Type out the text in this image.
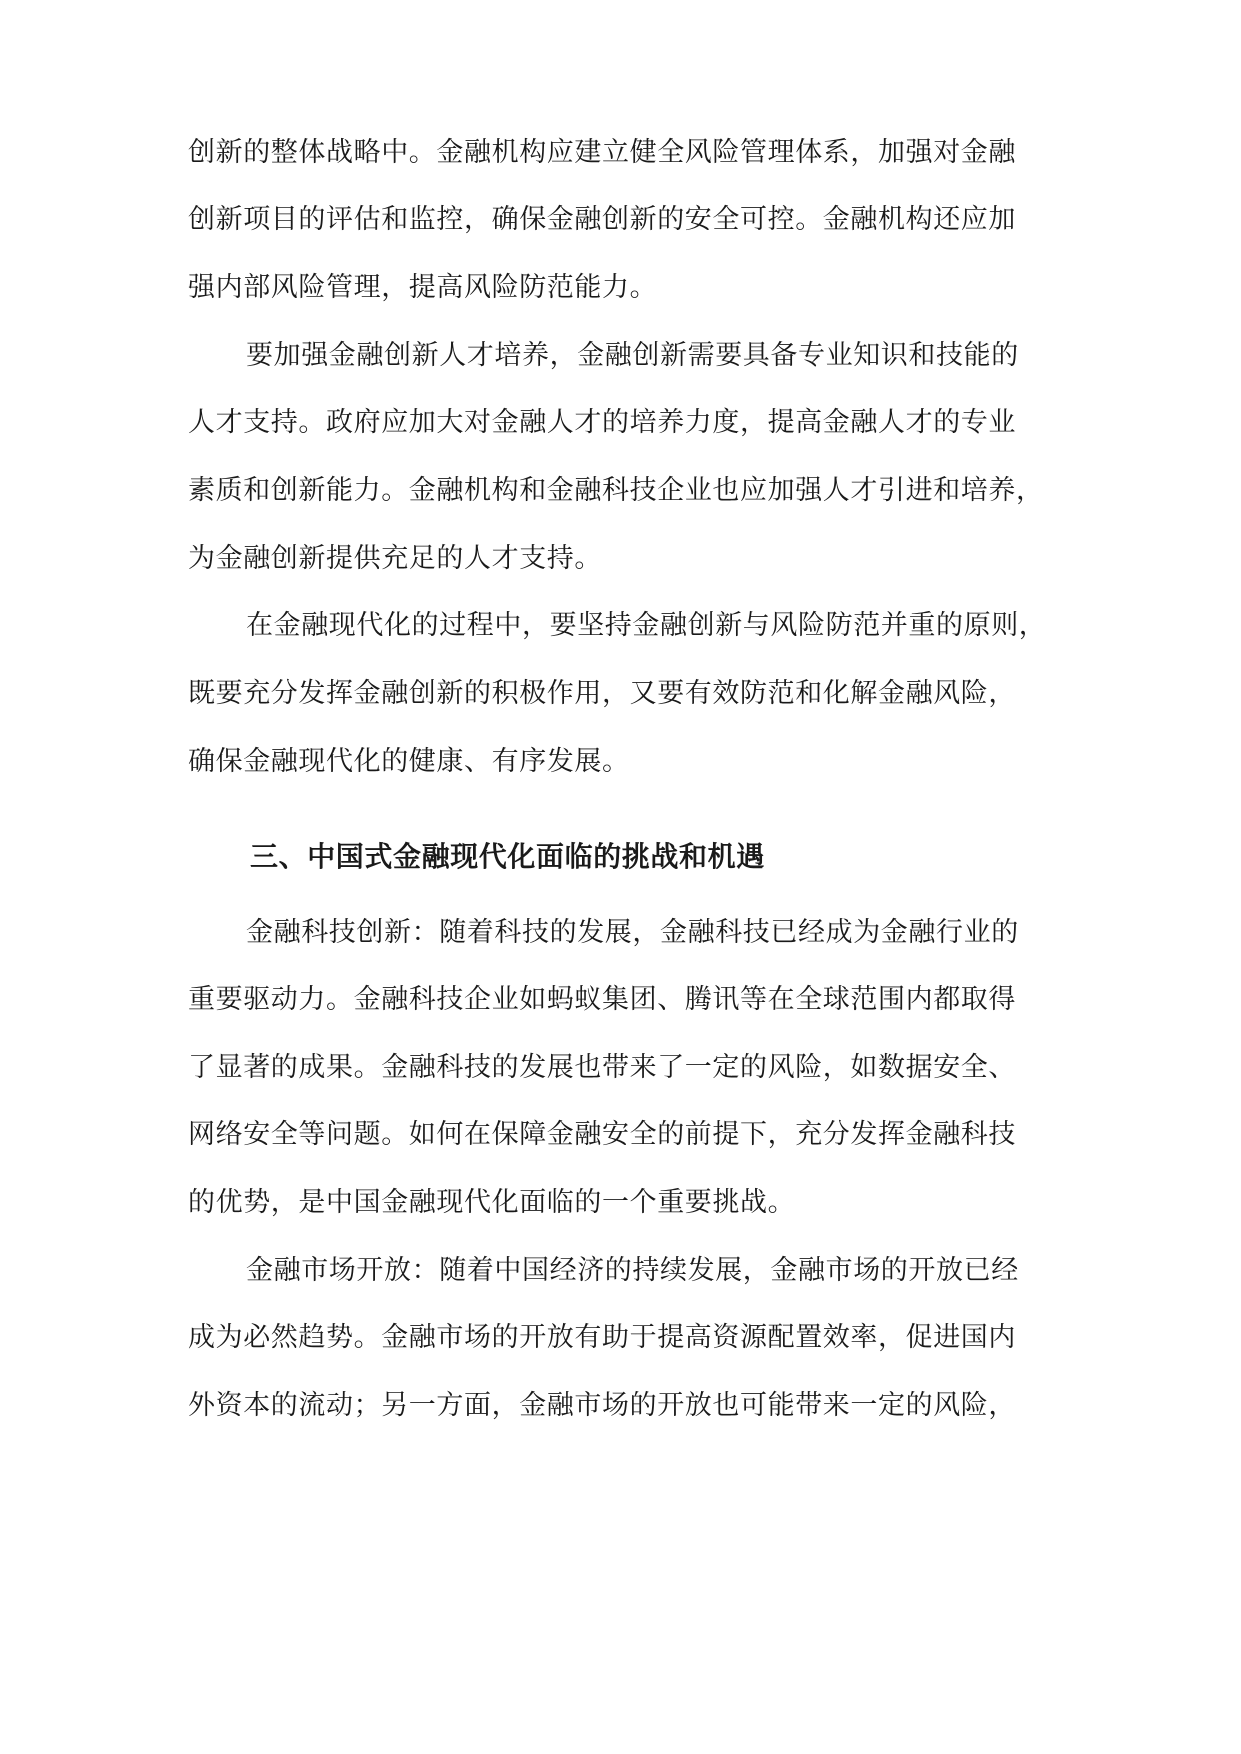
创新的整体战略中。金融机构应建立健全风险管理体系，加强对金融
创新项目的评估和监控，确保金融创新的安全可控。金融机构还应加
强内部风险管理，提高风险防范能力。
要加强金融创新人才培养，金融创新需要具备专业知识和技能的
人才支持。政府应加大对金融人才的培养力度，提高金融人才的专业
素质和创新能力。金融机构和金融科技企业也应加强人才引进和培养，
为金融创新提供充足的人才支持。
在金融现代化的过程中，要坚持金融创新与风险防范并重的原则，
既要充分发挥金融创新的积极作用，又要有效防范和化解金融风险，
确保金融现代化的健康、有序发展。
三、中国式金融现代化面临的挑战和机遇
金融科技创新：随着科技的发展，金融科技已经成为金融行业的
重要驱动力。金融科技企业如蚂蚁集团、腾讯等在全球范围内都取得
了显著的成果。金融科技的发展也带来了一定的风险，如数据安全、
网络安全等问题。如何在保障金融安全的前提下，充分发挥金融科技
的优势，是中国金融现代化面临的一个重要挑战。
金融市场开放：随着中国经济的持续发展，金融市场的开放已经
成为必然趋势。金融市场的开放有助于提高资源配置效率，促进国内
外资本的流动；另一方面，金融市场的开放也可能带来一定的风险，
